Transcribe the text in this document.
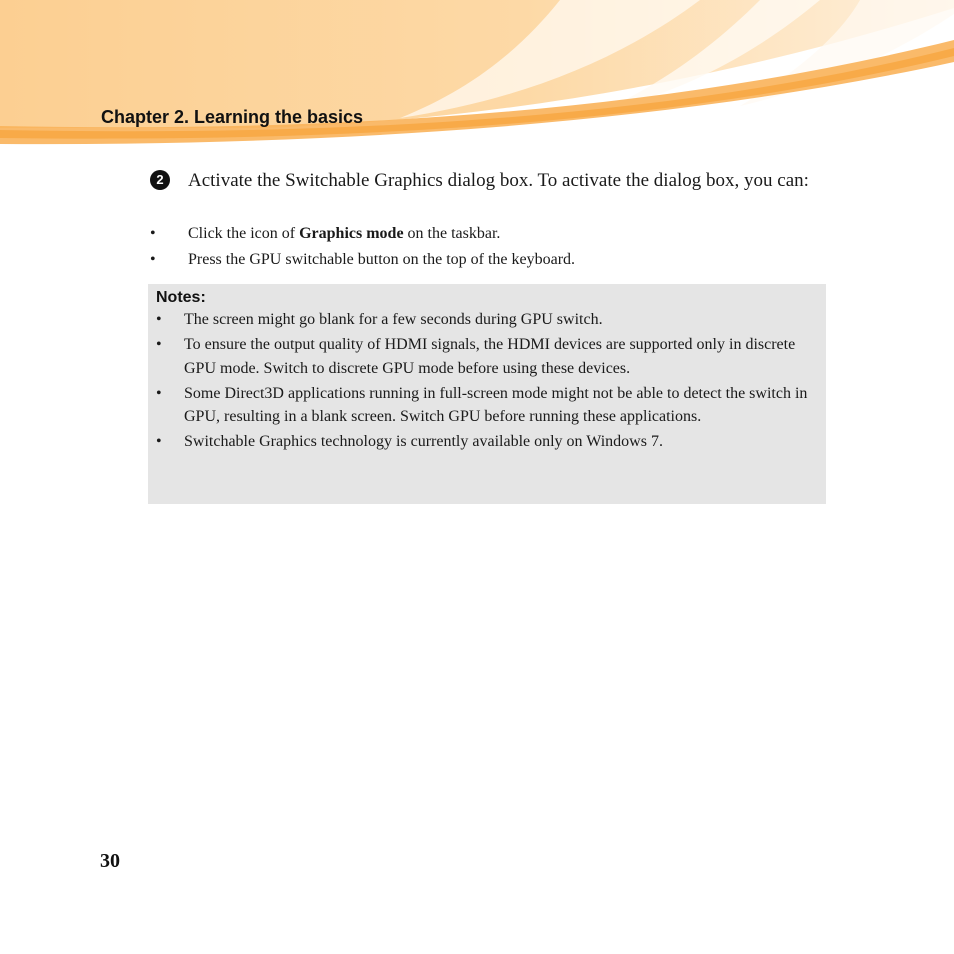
Chapter 2. Learning the basics
2	Activate the Switchable Graphics dialog box. To activate the dialog box, you can:
• Click the icon of Graphics mode on the taskbar.
• Press the GPU switchable button on the top of the keyboard.
Notes:
• The screen might go blank for a few seconds during GPU switch.
• To ensure the output quality of HDMI signals, the HDMI devices are supported only in discrete GPU mode. Switch to discrete GPU mode before using these devices.
• Some Direct3D applications running in full-screen mode might not be able to detect the switch in GPU, resulting in a blank screen. Switch GPU before running these applications.
• Switchable Graphics technology is currently available only on Windows 7.
30
